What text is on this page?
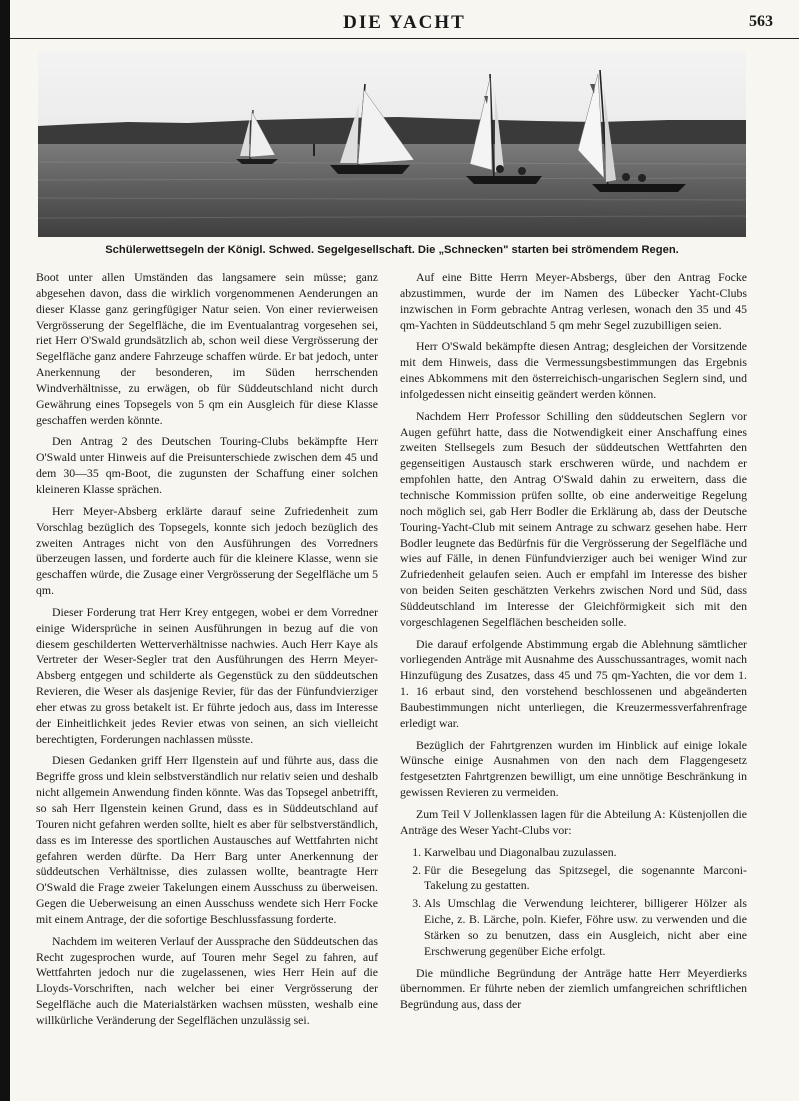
DIE YACHT	563
Schülerwettsegeln der Königl. Schwed. Segelgesellschaft. Die „Schnecken" starten bei strömendem Regen.

Boot unter allen Umständen das langsamere sein müsse; ganz abgesehen davon, dass die wirklich vorgenommenen Aenderungen an dieser Klasse ganz geringfügiger Natur seien. Von einer revierweisen Vergrösserung der Segelfläche, die im Eventualantrag vorgesehen sei, riet Herr O'Swald grundsätzlich ab, schon weil diese Vergrösserung der Segelfläche ganz andere Fahrzeuge schaffen würde. Er bat jedoch, unter Anerkennung der besonderen, im Süden herrschenden Windverhältnisse, zu erwägen, ob für Süddeutschland nicht durch Gewährung eines Topsegels von 5 qm ein Ausgleich für diese Klasse geschaffen werden könnte.

Den Antrag 2 des Deutschen Touring-Clubs bekämpfte Herr O'Swald unter Hinweis auf die Preisunterschiede zwischen dem 45 und dem 30—35 qm-Boot, die zugunsten der Schaffung einer solchen kleineren Klasse sprächen.

Herr Meyer-Absberg erklärte darauf seine Zufriedenheit zum Vorschlag bezüglich des Topsegels, konnte sich jedoch bezüglich des zweiten Antrages nicht von den Ausführungen des Vorredners überzeugen lassen, und forderte auch für die kleinere Klasse, wenn sie geschaffen würde, die Zusage einer Vergrösserung der Segelfläche um 5 qm.

Dieser Forderung trat Herr Krey entgegen, wobei er dem Vorredner einige Widersprüche in seinen Ausführungen in bezug auf die von diesem geschilderten Wetterverhältnisse nachwies. Auch Herr Kaye als Vertreter der Weser-Segler trat den Ausführungen des Herrn Meyer-Absberg entgegen und schilderte als Gegenstück zu den süddeutschen Revieren, die Weser als dasjenige Revier, für das der Fünfundvierziger eher etwas zu gross betakelt ist. Er führte jedoch aus, dass im Interesse der Einheitlichkeit jedes Revier etwas von seinen, an sich vielleicht berechtigten, Forderungen nachlassen müsste.

Diesen Gedanken griff Herr Ilgenstein auf und führte aus, dass die Begriffe gross und klein selbstverständlich nur relativ seien und deshalb nicht allgemein Anwendung finden könnte. Was das Topsegel anbetrifft, so sah Herr Ilgenstein keinen Grund, dass es in Süddeutschland auf Touren nicht gefahren werden sollte, hielt es aber für selbstverständlich, dass es im Interesse des sportlichen Austausches auf Wettfahrten nicht gefahren werden dürfte. Da Herr Barg unter Anerkennung der süddeutschen Verhältnisse, dies zulassen wollte, beantragte Herr O'Swald die Frage zweier Takelungen einem Ausschuss zu überweisen. Gegen die Ueberweisung an einen Ausschuss wendete sich Herr Focke mit einem Antrage, der die sofortige Beschlussfassung forderte.

Nachdem im weiteren Verlauf der Aussprache den Süddeutschen das Recht zugesprochen wurde, auf Touren mehr Segel zu fahren, auf Wettfahrten jedoch nur die zugelassenen, wies Herr Hein auf die Lloyds-Vorschriften, nach welcher bei einer Vergrösserung der Segelfläche auch die Materialstärken wachsen müssten, weshalb eine willkürliche Veränderung der Segelflächen unzulässig sei.

Auf eine Bitte Herrn Meyer-Absbergs, über den Antrag Focke abzustimmen, wurde der im Namen des Lübecker Yacht-Clubs inzwischen in Form gebrachte Antrag verlesen, wonach den 35 und 45 qm-Yachten in Süddeutschland 5 qm mehr Segel zuzubilligen seien.

Herr O'Swald bekämpfte diesen Antrag; desgleichen der Vorsitzende mit dem Hinweis, dass die Vermessungsbestimmungen das Ergebnis eines Abkommens mit den österreichisch-ungarischen Seglern sind, und infolgedessen nicht einseitig geändert werden können.

Nachdem Herr Professor Schilling den süddeutschen Seglern vor Augen geführt hatte, dass die Notwendigkeit einer Anschaffung eines zweiten Stellsegels zum Besuch der süddeutschen Wettfahrten den gegenseitigen Austausch stark erschweren würde, und nachdem er empfohlen hatte, den Antrag O'Swald dahin zu erweitern, dass die technische Kommission prüfen sollte, ob eine anderweitige Regelung noch möglich sei, gab Herr Bodler die Erklärung ab, dass der Deutsche Touring-Yacht-Club mit seinem Antrage zu schwarz gesehen habe. Herr Bodler leugnete das Bedürfnis für die Vergrösserung der Segelfläche und wies auf Fälle, in denen Fünfundvierziger auch bei weniger Wind zur Zufriedenheit gelaufen seien. Auch er empfahl im Interesse des bisher von beiden Seiten geschätzten Verkehrs zwischen Nord und Süd, dass Süddeutschland im Interesse der Gleichförmigkeit sich mit den vorgeschlagenen Segelflächen bescheiden solle.

Die darauf erfolgende Abstimmung ergab die Ablehnung sämtlicher vorliegenden Anträge mit Ausnahme des Ausschussantrages, womit nach Hinzufügung des Zusatzes, dass 45 und 75 qm-Yachten, die vor dem 1. 1. 16 erbaut sind, den vorstehend beschlossenen und abgeänderten Baubestimmungen nicht unterliegen, die Kreuzermessverfahrenfrage erledigt war.

Bezüglich der Fahrtgrenzen wurden im Hinblick auf einige lokale Wünsche einige Ausnahmen von den nach dem Flaggengesetz festgesetzten Fahrtgrenzen bewilligt, um eine unnötige Beschränkung in gewissen Revieren zu vermeiden.

Zum Teil V Jollenklassen lagen für die Abteilung A: Küstenjollen die Anträge des Weser Yacht-Clubs vor:

1. Karwelbau und Diagonalbau zuzulassen.
2. Für die Besegelung das Spitzsegel, die sogenannte Marconi-Takelung zu gestatten.
3. Als Umschlag die Verwendung leichterer, billigerer Hölzer als Eiche, z. B. Lärche, poln. Kiefer, Föhre usw. zu verwenden und die Stärken so zu benutzen, dass ein Ausgleich, nicht aber eine Erschwerung gegenüber Eiche erfolgt.

Die mündliche Begründung der Anträge hatte Herr Meyerdierks übernommen. Er führte neben der ziemlich umfangreichen schriftlichen Begründung aus, dass der
